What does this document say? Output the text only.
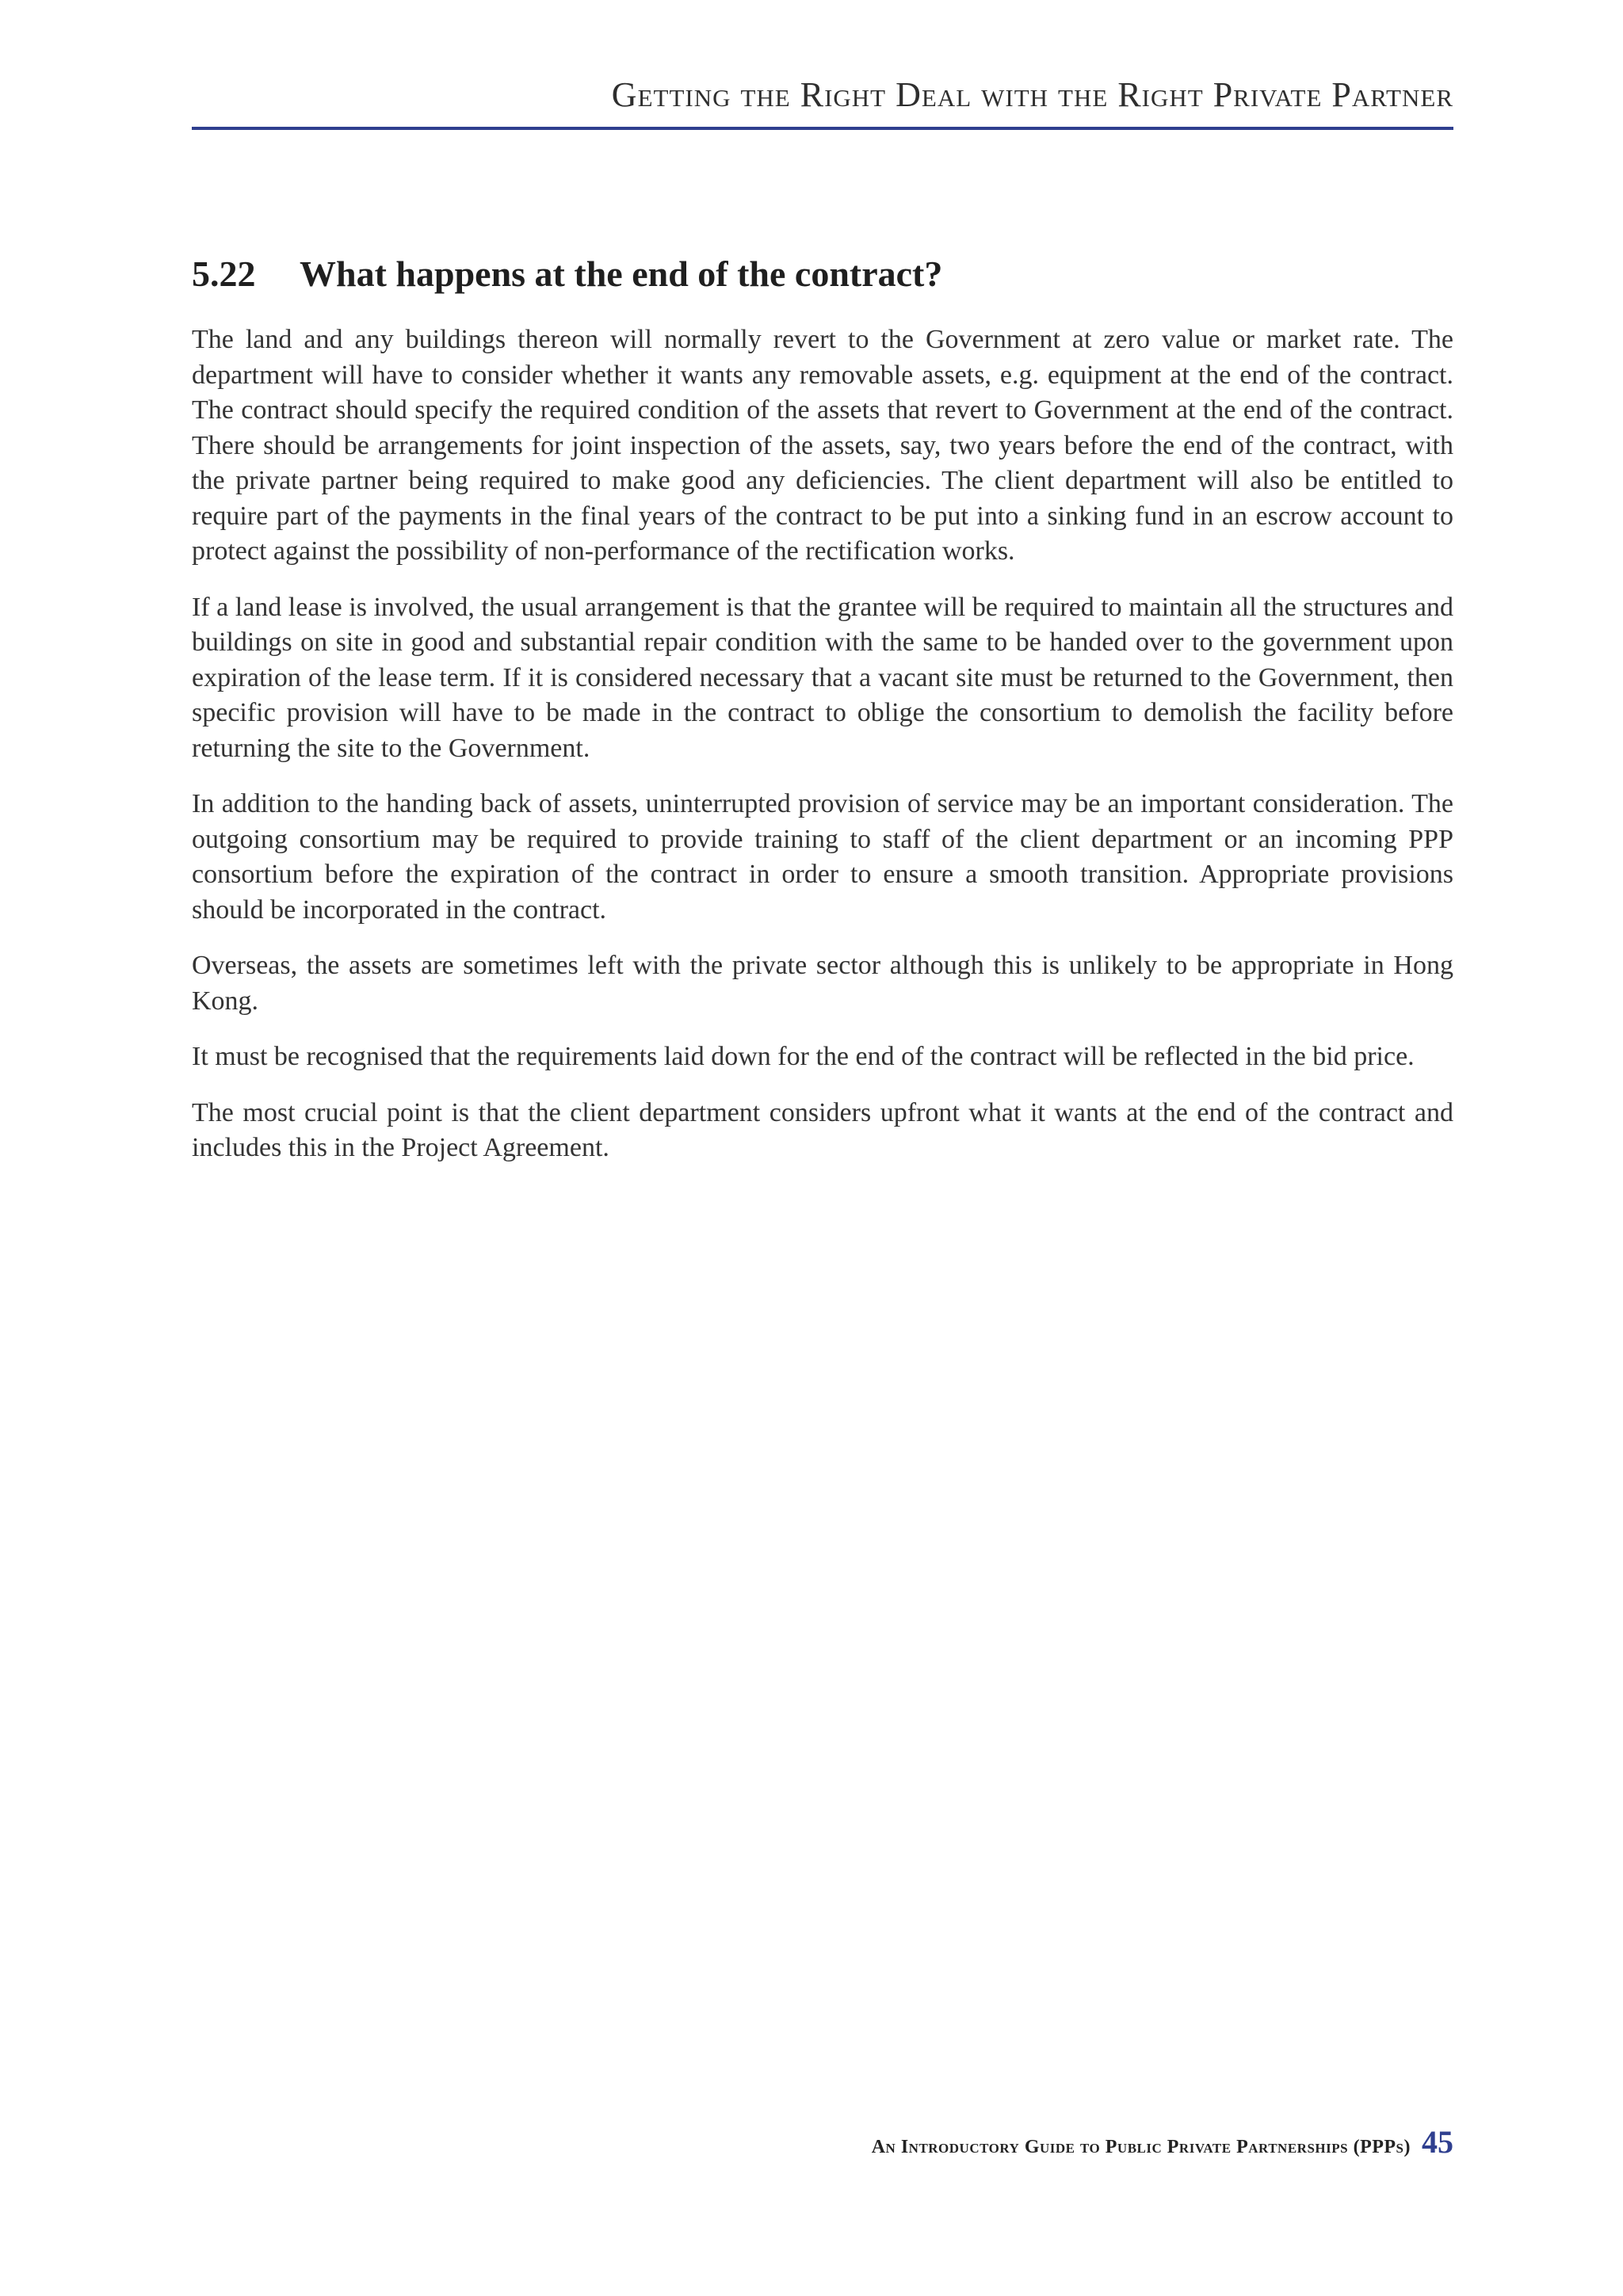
Getting the Right Deal with the Right Private Partner
5.22 What happens at the end of the contract?

The land and any buildings thereon will normally revert to the Government at zero value or market rate. The department will have to consider whether it wants any removable assets, e.g. equipment at the end of the contract. The contract should specify the required condition of the assets that revert to Government at the end of the contract. There should be arrangements for joint inspection of the assets, say, two years before the end of the contract, with the private partner being required to make good any deficiencies. The client department will also be entitled to require part of the payments in the final years of the contract to be put into a sinking fund in an escrow account to protect against the possibility of non-performance of the rectification works.

If a land lease is involved, the usual arrangement is that the grantee will be required to maintain all the structures and buildings on site in good and substantial repair condition with the same to be handed over to the government upon expiration of the lease term. If it is considered necessary that a vacant site must be returned to the Government, then specific provision will have to be made in the contract to oblige the consortium to demolish the facility before returning the site to the Government.

In addition to the handing back of assets, uninterrupted provision of service may be an important consideration. The outgoing consortium may be required to provide training to staff of the client department or an incoming PPP consortium before the expiration of the contract in order to ensure a smooth transition. Appropriate provisions should be incorporated in the contract.

Overseas, the assets are sometimes left with the private sector although this is unlikely to be appropriate in Hong Kong.

It must be recognised that the requirements laid down for the end of the contract will be reflected in the bid price.

The most crucial point is that the client department considers upfront what it wants at the end of the contract and includes this in the Project Agreement.

An Introductory Guide to Public Private Partnerships (PPPs) 45
